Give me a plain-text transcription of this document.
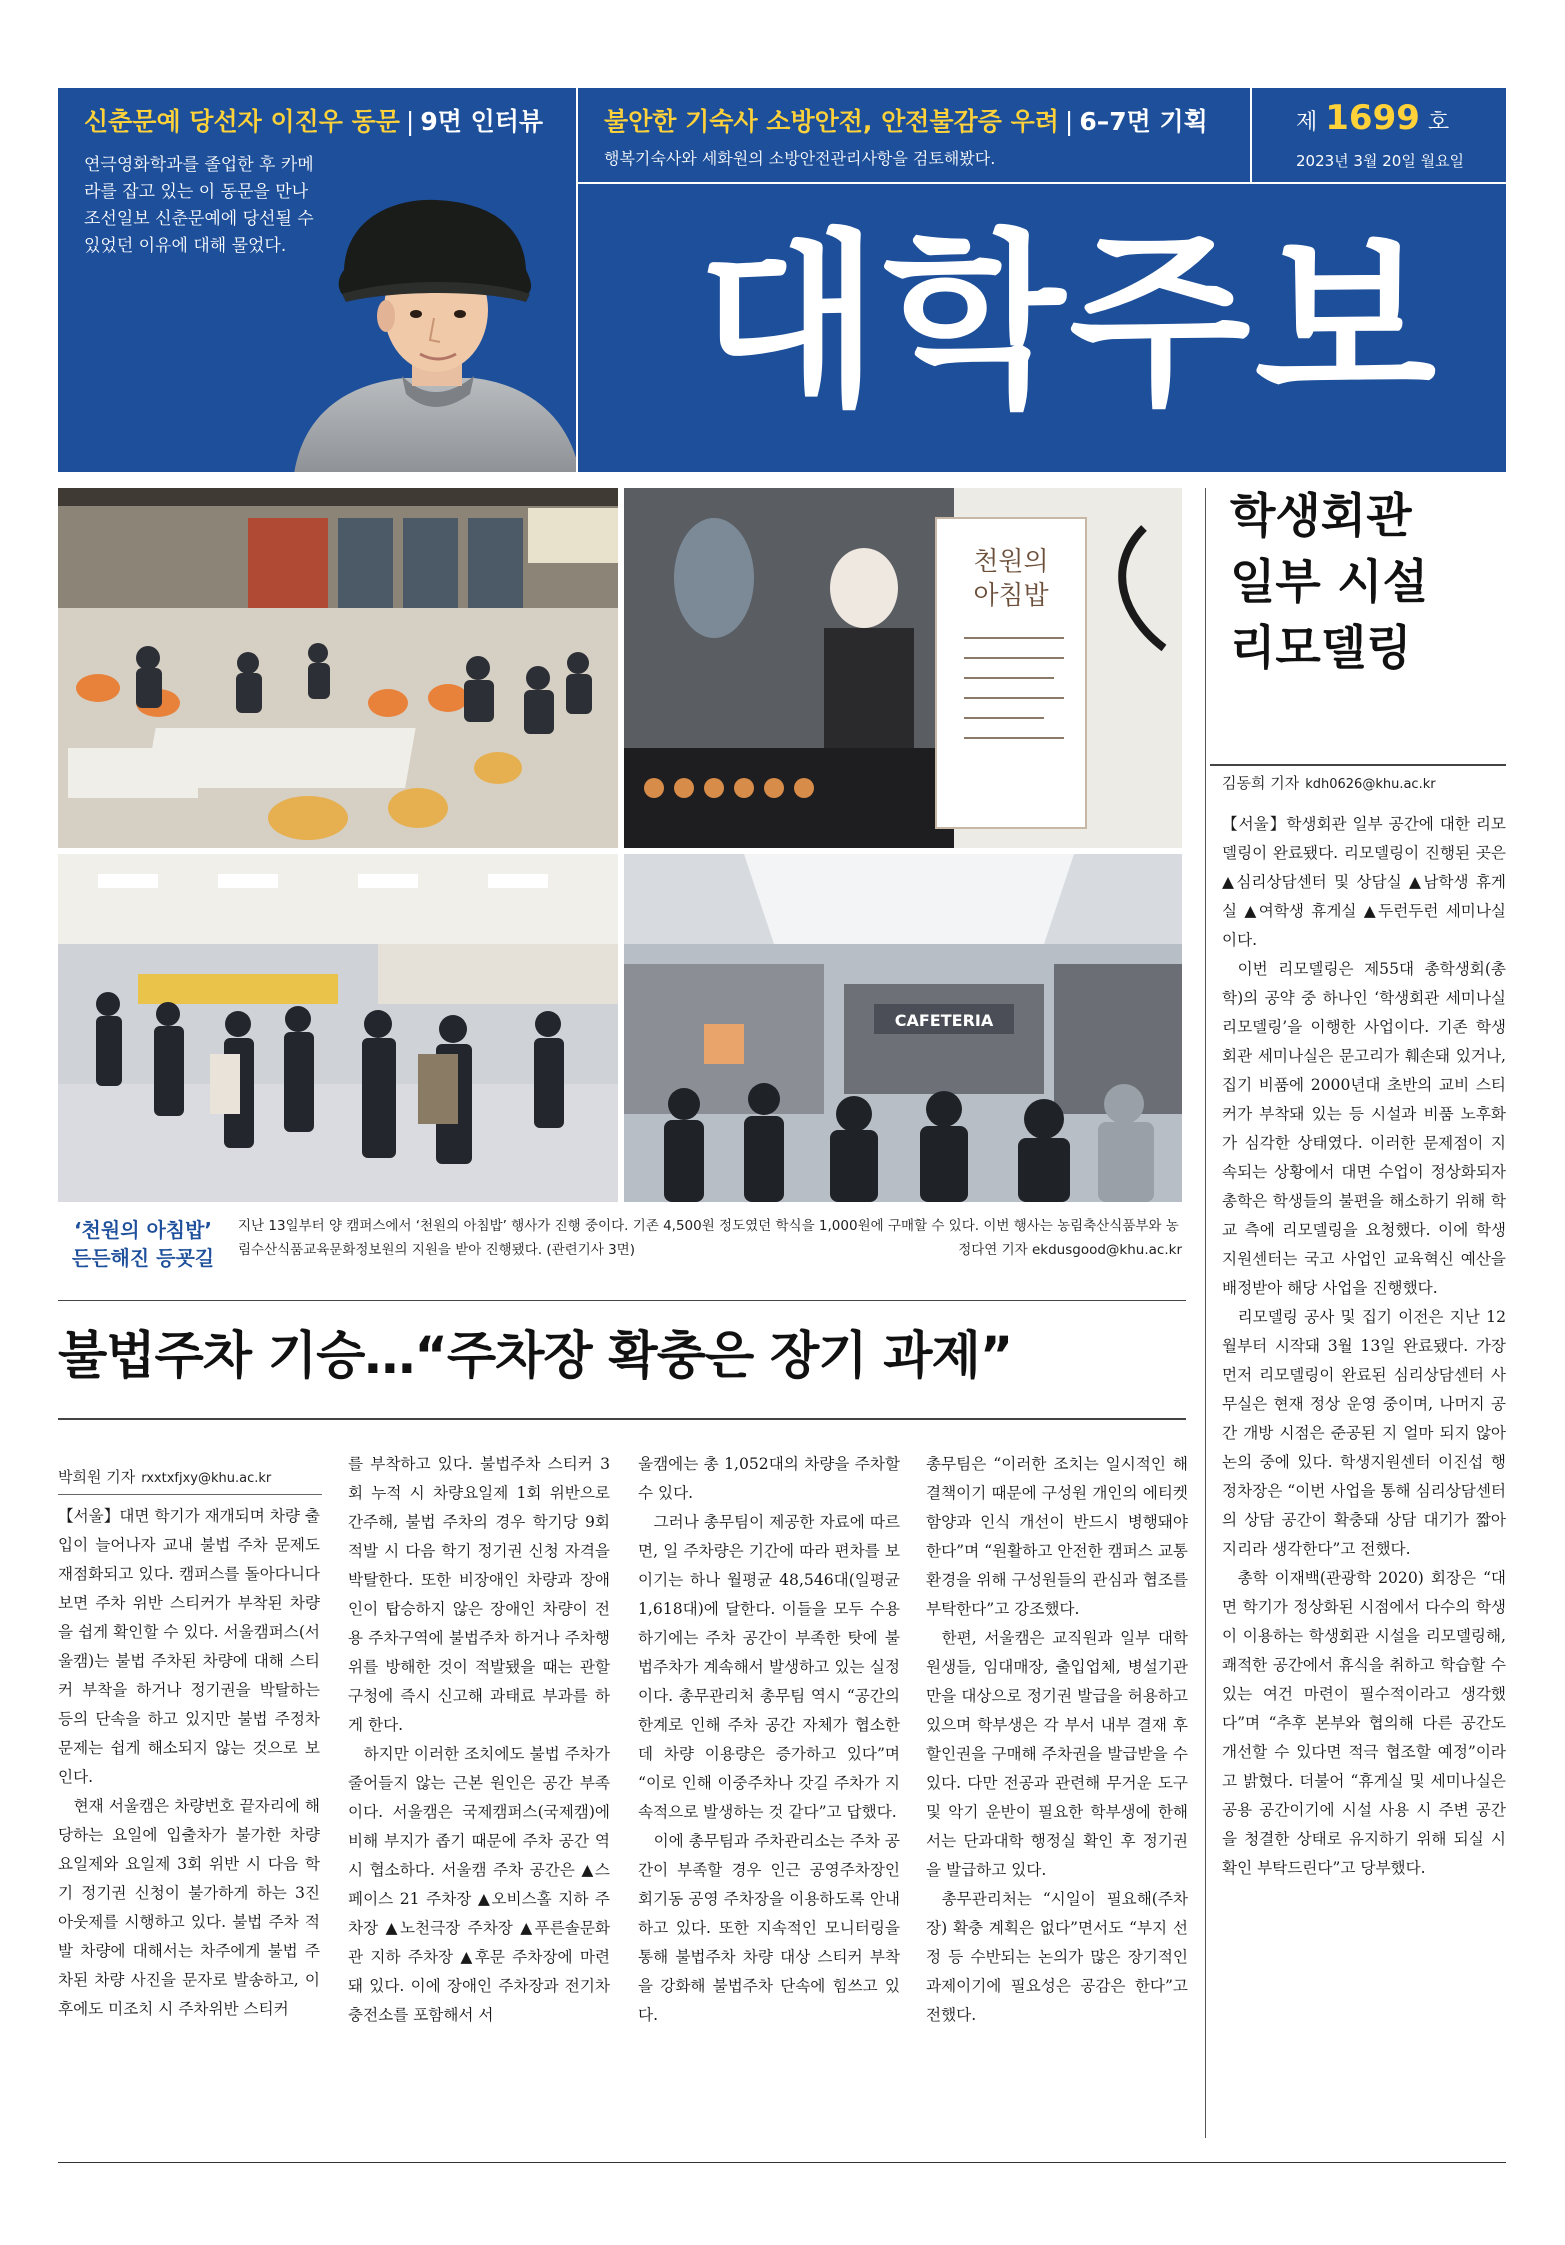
신춘문예 당선자 이진우 동문 | 9면 인터뷰
연극영화학과를 졸업한 후 카메라를 잡고 있는 이 동문을 만나 조선일보 신춘문예에 당선될 수 있었던 이유에 대해 물었다.
불안한 기숙사 소방안전, 안전불감증 우려 | 6–7면 기획
행복기숙사와 세화원의 소방안전관리사항을 검토해봤다.
제 1699 호
2023년 3월 20일 월요일
대학주보
천원의
아침밥
CAFETERIA
‘천원의 아침밥’
든든해진 등굣길
지난 13일부터 양 캠퍼스에서 ‘천원의 아침밥’ 행사가 진행 중이다. 기존 4,500원 정도였던 학식을 1,000원에 구매할 수 있다. 이번 행사는 농림축산식품부와 농림수산식품교육문화정보원의 지원을 받아 진행됐다. (관련기사 3면)	정다연 기자 ekdusgood@khu.ac.kr
학생회관
일부 시설
리모델링
김동희 기자 kdh0626@khu.ac.kr

【서울】학생회관 일부 공간에 대한 리모델링이 완료됐다. 리모델링이 진행된 곳은 ▲심리상담센터 및 상담실 ▲남학생 휴게실 ▲여학생 휴게실 ▲두런두런 세미나실이다.

이번 리모델링은 제55대 총학생회(총학)의 공약 중 하나인 ‘학생회관 세미나실 리모델링’을 이행한 사업이다. 기존 학생회관 세미나실은 문고리가 훼손돼 있거나, 집기 비품에 2000년대 초반의 교비 스티커가 부착돼 있는 등 시설과 비품 노후화가 심각한 상태였다. 이러한 문제점이 지속되는 상황에서 대면 수업이 정상화되자 총학은 학생들의 불편을 해소하기 위해 학교 측에 리모델링을 요청했다. 이에 학생지원센터는 국고 사업인 교육혁신 예산을 배정받아 해당 사업을 진행했다.

리모델링 공사 및 집기 이전은 지난 12월부터 시작돼 3월 13일 완료됐다. 가장 먼저 리모델링이 완료된 심리상담센터 사무실은 현재 정상 운영 중이며, 나머지 공간 개방 시점은 준공된 지 얼마 되지 않아 논의 중에 있다. 학생지원센터 이진섭 행정차장은 “이번 사업을 통해 심리상담센터의 상담 공간이 확충돼 상담 대기가 짧아지리라 생각한다”고 전했다.

총학 이재백(관광학 2020) 회장은 “대면 학기가 정상화된 시점에서 다수의 학생이 이용하는 학생회관 시설을 리모델링해, 쾌적한 공간에서 휴식을 취하고 학습할 수 있는 여건 마련이 필수적이라고 생각했다”며 “추후 본부와 협의해 다른 공간도 개선할 수 있다면 적극 협조할 예정”이라고 밝혔다. 더불어 “휴게실 및 세미나실은 공용 공간이기에 시설 사용 시 주변 공간을 청결한 상태로 유지하기 위해 되실 시 확인 부탁드린다”고 당부했다.

불법주차 기승…“주차장 확충은 장기 과제”
박희원 기자 rxxtxfjxy@khu.ac.kr

【서울】대면 학기가 재개되며 차량 출입이 늘어나자 교내 불법 주차 문제도 재점화되고 있다. 캠퍼스를 돌아다니다 보면 주차 위반 스티커가 부착된 차량을 쉽게 확인할 수 있다. 서울캠퍼스(서울캠)는 불법 주차된 차량에 대해 스티커 부착을 하거나 정기권을 박탈하는 등의 단속을 하고 있지만 불법 주정차 문제는 쉽게 해소되지 않는 것으로 보인다.

현재 서울캠은 차량번호 끝자리에 해당하는 요일에 입출차가 불가한 차량 요일제와 요일제 3회 위반 시 다음 학기 정기권 신청이 불가하게 하는 3진 아웃제를 시행하고 있다. 불법 주차 적발 차량에 대해서는 차주에게 불법 주차된 차량 사진을 문자로 발송하고, 이후에도 미조치 시 주차위반 스티커

를 부착하고 있다. 불법주차 스티커 3회 누적 시 차량요일제 1회 위반으로 간주해, 불법 주차의 경우 학기당 9회 적발 시 다음 학기 정기권 신청 자격을 박탈한다. 또한 비장애인 차량과 장애인이 탑승하지 않은 장애인 차량이 전용 주차구역에 불법주차 하거나 주차행위를 방해한 것이 적발됐을 때는 관할구청에 즉시 신고해 과태료 부과를 하게 한다.

하지만 이러한 조치에도 불법 주차가 줄어들지 않는 근본 원인은 공간 부족이다. 서울캠은 국제캠퍼스(국제캠)에 비해 부지가 좁기 때문에 주차 공간 역시 협소하다. 서울캠 주차 공간은 ▲스페이스 21 주차장 ▲오비스홀 지하 주차장 ▲노천극장 주차장 ▲푸른솔문화관 지하 주차장 ▲후문 주차장에 마련돼 있다. 이에 장애인 주차장과 전기차 충전소를 포함해서 서

울캠에는 총 1,052대의 차량을 주차할 수 있다.

그러나 총무팀이 제공한 자료에 따르면, 일 주차량은 기간에 따라 편차를 보이기는 하나 월평균 48,546대(일평균 1,618대)에 달한다. 이들을 모두 수용하기에는 주차 공간이 부족한 탓에 불법주차가 계속해서 발생하고 있는 실정이다. 총무관리처 총무팀 역시 “공간의 한계로 인해 주차 공간 자체가 협소한데 차량 이용량은 증가하고 있다”며 “이로 인해 이중주차나 갓길 주차가 지속적으로 발생하는 것 같다”고 답했다.

이에 총무팀과 주차관리소는 주차 공간이 부족할 경우 인근 공영주차장인 회기동 공영 주차장을 이용하도록 안내하고 있다. 또한 지속적인 모니터링을 통해 불법주차 차량 대상 스티커 부착을 강화해 불법주차 단속에 힘쓰고 있다.

총무팀은 “이러한 조치는 일시적인 해결책이기 때문에 구성원 개인의 에티켓 함양과 인식 개선이 반드시 병행돼야 한다”며 “원활하고 안전한 캠퍼스 교통환경을 위해 구성원들의 관심과 협조를 부탁한다”고 강조했다.

한편, 서울캠은 교직원과 일부 대학원생들, 임대매장, 출입업체, 병설기관만을 대상으로 정기권 발급을 허용하고 있으며 학부생은 각 부서 내부 결재 후 할인권을 구매해 주차권을 발급받을 수 있다. 다만 전공과 관련해 무거운 도구 및 악기 운반이 필요한 학부생에 한해서는 단과대학 행정실 확인 후 정기권을 발급하고 있다.

총무관리처는 “시일이 필요해(주차장) 확충 계획은 없다”면서도 “부지 선정 등 수반되는 논의가 많은 장기적인 과제이기에 필요성은 공감은 한다”고 전했다.
